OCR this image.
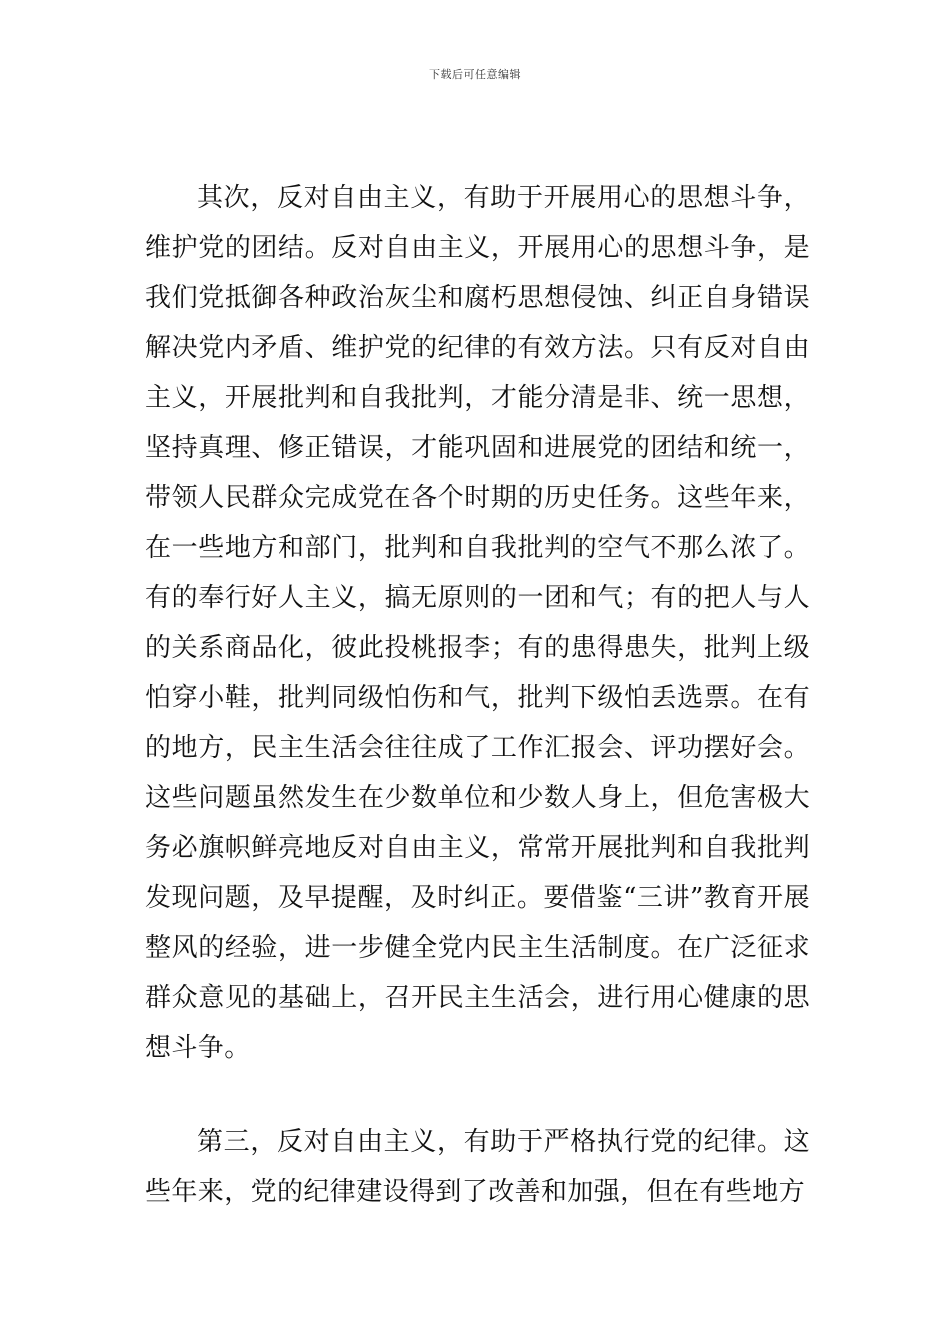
下载后可任意编辑

其次，反对自由主义，有助于开展用心的思想斗争，维护党的团结。反对自由主义，开展用心的思想斗争，是我们党抵御各种政治灰尘和腐朽思想侵蚀、纠正自身错误解决党内矛盾、维护党的纪律的有效方法。只有反对自由主义，开展批判和自我批判，才能分清是非、统一思想，坚持真理、修正错误，才能巩固和进展党的团结和统一，带领人民群众完成党在各个时期的历史任务。这些年来，在一些地方和部门，批判和自我批判的空气不那么浓了。有的奉行好人主义，搞无原则的一团和气；有的把人与人的关系商品化，彼此投桃报李；有的患得患失，批判上级怕穿小鞋，批判同级怕伤和气，批判下级怕丢选票。在有的地方，民主生活会往往成了工作汇报会、评功摆好会。这些问题虽然发生在少数单位和少数人身上，但危害极大务必旗帜鲜亮地反对自由主义，常常开展批判和自我批判发现问题，及早提醒，及时纠正。要借鉴“三讲”教育开展整风的经验，进一步健全党内民主生活制度。在广泛征求群众意见的基础上，召开民主生活会，进行用心健康的思想斗争。

第三，反对自由主义，有助于严格执行党的纪律。这些年来，党的纪律建设得到了改善和加强，但在有些地方
